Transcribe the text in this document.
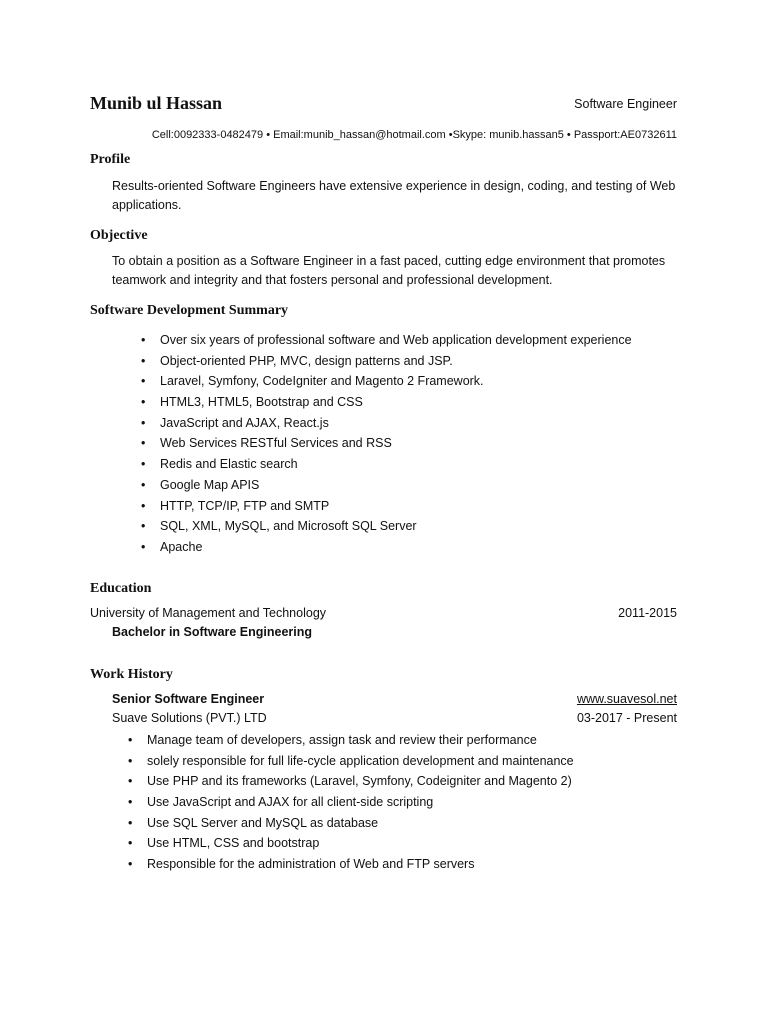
Munib ul Hassan	Software Engineer
Cell:0092333-0482479 • Email:munib_hassan@hotmail.com •Skype: munib.hassan5 • Passport:AE0732611
Profile
Results-oriented Software Engineers have extensive experience in design, coding, and testing of Web applications.
Objective
To obtain a position as a Software Engineer in a fast paced, cutting edge environment that promotes teamwork and integrity and that fosters personal and professional development.
Software Development Summary
• Over six years of professional software and Web application development experience
• Object-oriented PHP, MVC, design patterns and JSP.
• Laravel, Symfony, CodeIgniter and Magento 2 Framework.
• HTML3, HTML5, Bootstrap and CSS
• JavaScript and AJAX, React.js
• Web Services RESTful Services and RSS
• Redis and Elastic search
• Google Map APIS
• HTTP, TCP/IP, FTP and SMTP
• SQL, XML, MySQL, and Microsoft SQL Server
• Apache
Education
University of Management and Technology	2011-2015
Bachelor in Software Engineering
Work History
Senior Software Engineer	www.suavesol.net
Suave Solutions (PVT.) LTD	03-2017 - Present
• Manage team of developers, assign task and review their performance
• solely responsible for full life-cycle application development and maintenance
• Use PHP and its frameworks (Laravel, Symfony, Codeigniter and Magento 2)
• Use JavaScript and AJAX for all client-side scripting
• Use SQL Server and MySQL as database
• Use HTML, CSS and bootstrap
• Responsible for the administration of Web and FTP servers
